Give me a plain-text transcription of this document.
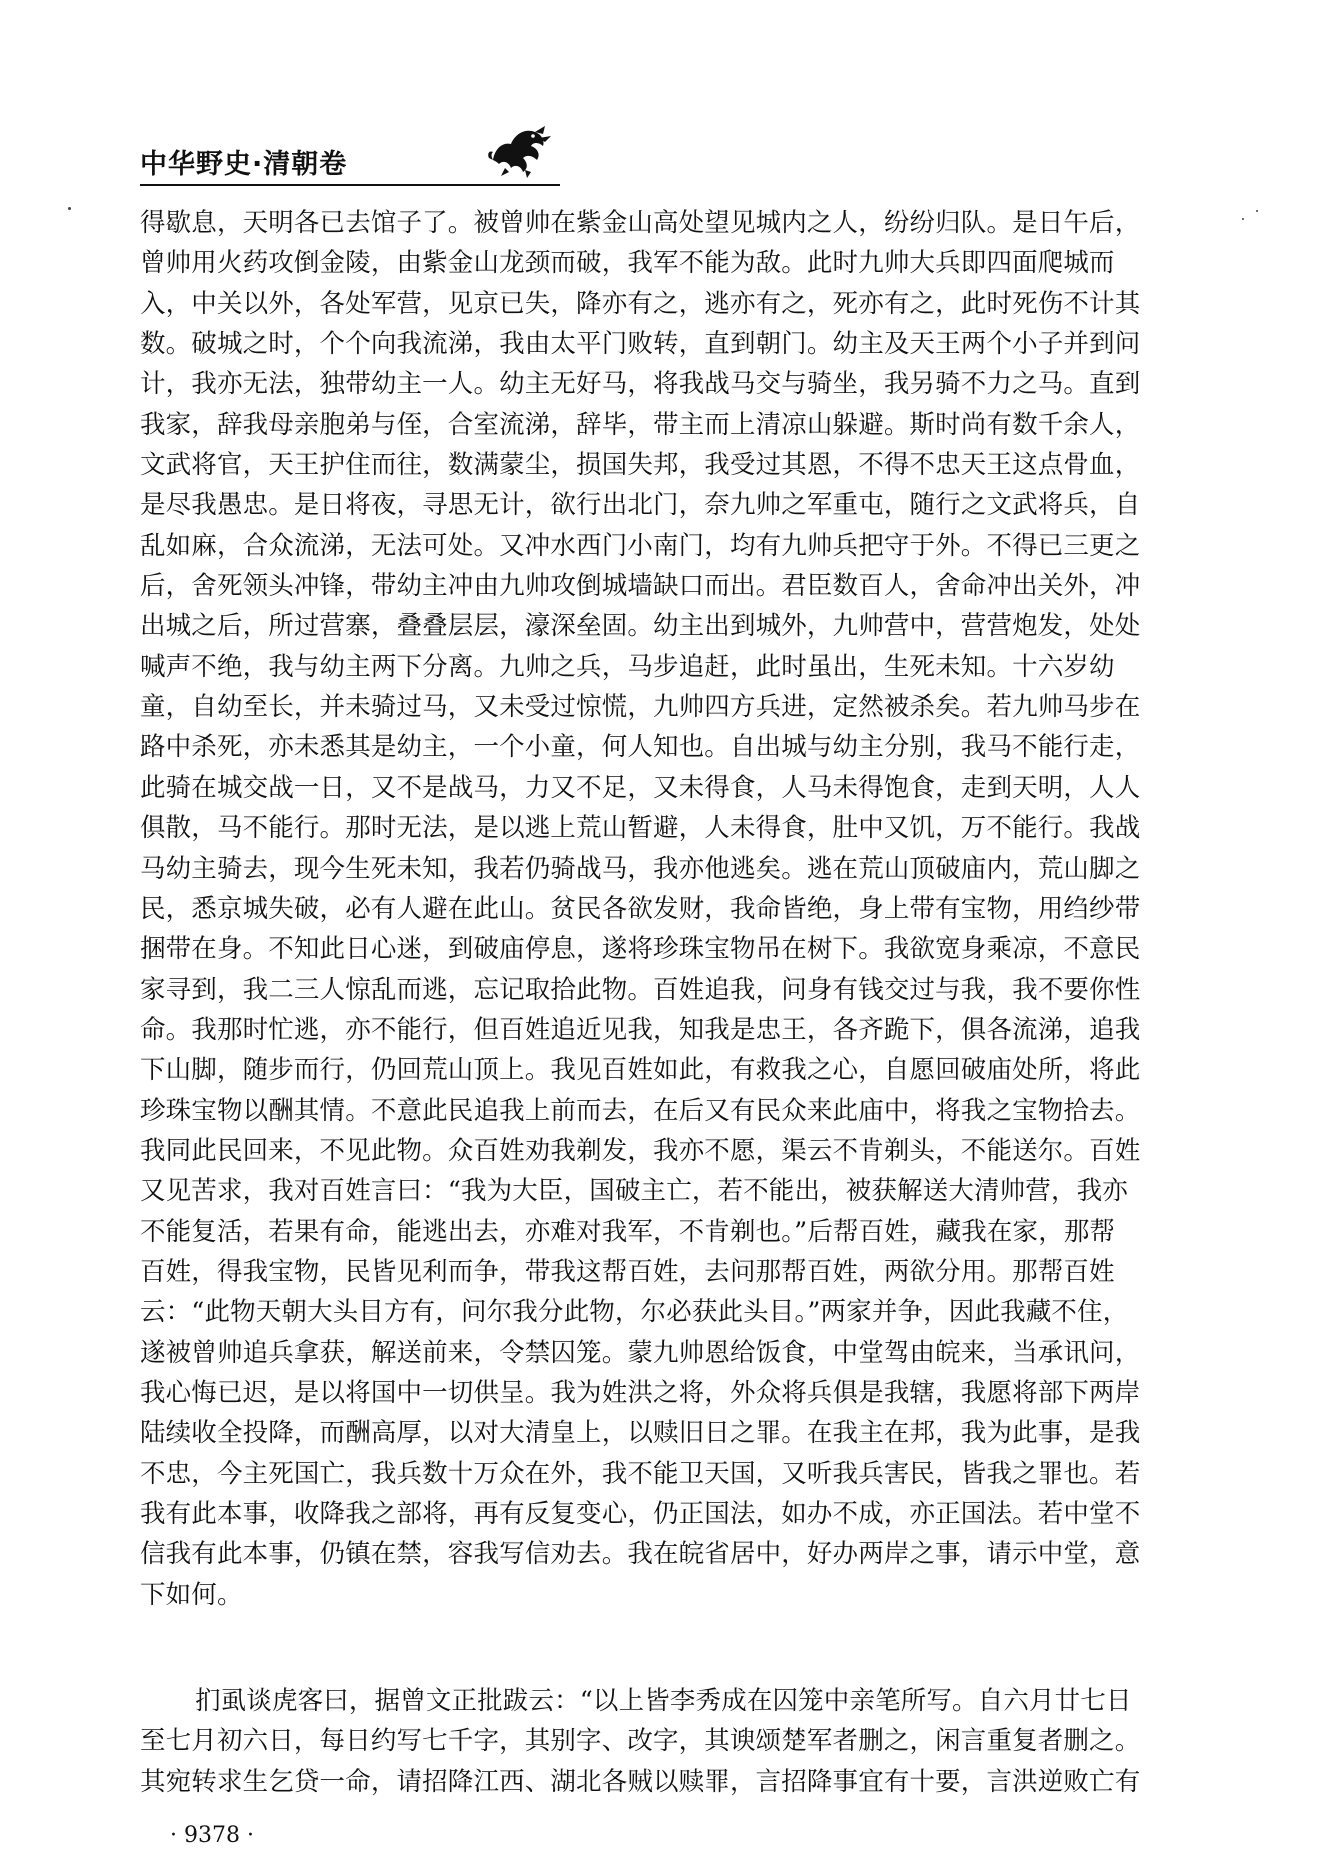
中华野史·清朝卷
得歇息，天明各已去馆子了。被曾帅在紫金山高处望见城内之人，纷纷归队。是日午后，
曾帅用火药攻倒金陵，由紫金山龙颈而破，我军不能为敌。此时九帅大兵即四面爬城而
入，中关以外，各处军营，见京已失，降亦有之，逃亦有之，死亦有之，此时死伤不计其
数。破城之时，个个向我流涕，我由太平门败转，直到朝门。幼主及天王两个小子并到问
计，我亦无法，独带幼主一人。幼主无好马，将我战马交与骑坐，我另骑不力之马。直到
我家，辞我母亲胞弟与侄，合室流涕，辞毕，带主而上清凉山躲避。斯时尚有数千余人，
文武将官，天王护住而往，数满蒙尘，损国失邦，我受过其恩，不得不忠天王这点骨血，
是尽我愚忠。是日将夜，寻思无计，欲行出北门，奈九帅之军重屯，随行之文武将兵，自
乱如麻，合众流涕，无法可处。又冲水西门小南门，均有九帅兵把守于外。不得已三更之
后，舍死领头冲锋，带幼主冲由九帅攻倒城墙缺口而出。君臣数百人，舍命冲出关外，冲
出城之后，所过营寨，叠叠层层，濠深垒固。幼主出到城外，九帅营中，营营炮发，处处
喊声不绝，我与幼主两下分离。九帅之兵，马步追赶，此时虽出，生死未知。十六岁幼
童，自幼至长，并未骑过马，又未受过惊慌，九帅四方兵进，定然被杀矣。若九帅马步在
路中杀死，亦未悉其是幼主，一个小童，何人知也。自出城与幼主分别，我马不能行走，
此骑在城交战一日，又不是战马，力又不足，又未得食，人马未得饱食，走到天明，人人
俱散，马不能行。那时无法，是以逃上荒山暂避，人未得食，肚中又饥，万不能行。我战
马幼主骑去，现今生死未知，我若仍骑战马，我亦他逃矣。逃在荒山顶破庙内，荒山脚之
民，悉京城失破，必有人避在此山。贫民各欲发财，我命皆绝，身上带有宝物，用绉纱带
捆带在身。不知此日心迷，到破庙停息，遂将珍珠宝物吊在树下。我欲宽身乘凉，不意民
家寻到，我二三人惊乱而逃，忘记取拾此物。百姓追我，问身有钱交过与我，我不要你性
命。我那时忙逃，亦不能行，但百姓追近见我，知我是忠王，各齐跪下，俱各流涕，追我
下山脚，随步而行，仍回荒山顶上。我见百姓如此，有救我之心，自愿回破庙处所，将此
珍珠宝物以酬其情。不意此民追我上前而去，在后又有民众来此庙中，将我之宝物拾去。
我同此民回来，不见此物。众百姓劝我剃发，我亦不愿，渠云不肯剃头，不能送尔。百姓
又见苦求，我对百姓言曰：“我为大臣，国破主亡，若不能出，被获解送大清帅营，我亦
不能复活，若果有命，能逃出去，亦难对我军，不肯剃也。”后帮百姓，藏我在家，那帮
百姓，得我宝物，民皆见利而争，带我这帮百姓，去问那帮百姓，两欲分用。那帮百姓
云：“此物天朝大头目方有，问尔我分此物，尔必获此头目。”两家并争，因此我藏不住，
遂被曾帅追兵拿获，解送前来，令禁囚笼。蒙九帅恩给饭食，中堂驾由皖来，当承讯问，
我心悔已迟，是以将国中一切供呈。我为姓洪之将，外众将兵俱是我辖，我愿将部下两岸
陆续收全投降，而酬高厚，以对大清皇上，以赎旧日之罪。在我主在邦，我为此事，是我
不忠，今主死国亡，我兵数十万众在外，我不能卫天国，又听我兵害民，皆我之罪也。若
我有此本事，收降我之部将，再有反复变心，仍正国法，如办不成，亦正国法。若中堂不
信我有此本事，仍镇在禁，容我写信劝去。我在皖省居中，好办两岸之事，请示中堂，意
下如何。
扪虱谈虎客曰，据曾文正批跋云：“以上皆李秀成在囚笼中亲笔所写。自六月廿七日
至七月初六日，每日约写七千字，其别字、改字，其谀颂楚军者删之，闲言重复者删之。
其宛转求生乞贷一命，请招降江西、湖北各贼以赎罪，言招降事宜有十要，言洪逆败亡有
· 9378 ·
